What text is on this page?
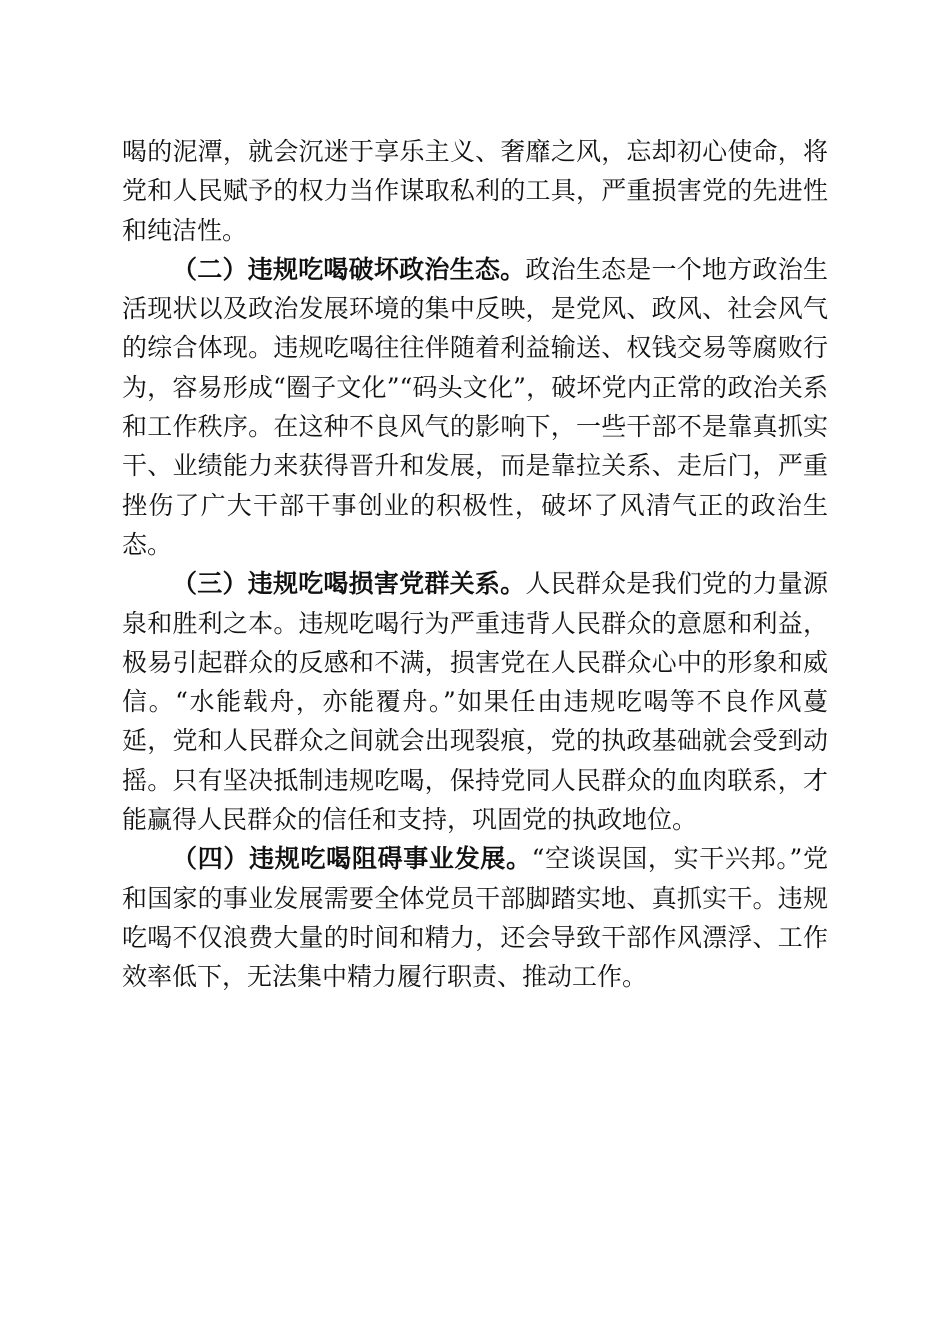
喝的泥潭，就会沉迷于享乐主义、奢靡之风，忘却初心使命，将党和人民赋予的权力当作谋取私利的工具，严重损害党的先进性和纯洁性。

（二）违规吃喝破坏政治生态。政治生态是一个地方政治生活现状以及政治发展环境的集中反映，是党风、政风、社会风气的综合体现。违规吃喝往往伴随着利益输送、权钱交易等腐败行为，容易形成“圈子文化”“码头文化”，破坏党内正常的政治关系和工作秩序。在这种不良风气的影响下，一些干部不是靠真抓实干、业绩能力来获得晋升和发展，而是靠拉关系、走后门，严重挫伤了广大干部干事创业的积极性，破坏了风清气正的政治生态。

（三）违规吃喝损害党群关系。人民群众是我们党的力量源泉和胜利之本。违规吃喝行为严重违背人民群众的意愿和利益，极易引起群众的反感和不满，损害党在人民群众心中的形象和威信。“水能载舟，亦能覆舟。”如果任由违规吃喝等不良作风蔓延，党和人民群众之间就会出现裂痕，党的执政基础就会受到动摇。只有坚决抵制违规吃喝，保持党同人民群众的血肉联系，才能赢得人民群众的信任和支持，巩固党的执政地位。

（四）违规吃喝阻碍事业发展。“空谈误国，实干兴邦。”党和国家的事业发展需要全体党员干部脚踏实地、真抓实干。违规吃喝不仅浪费大量的时间和精力，还会导致干部作风漂浮、工作效率低下，无法集中精力履行职责、推动工作。
